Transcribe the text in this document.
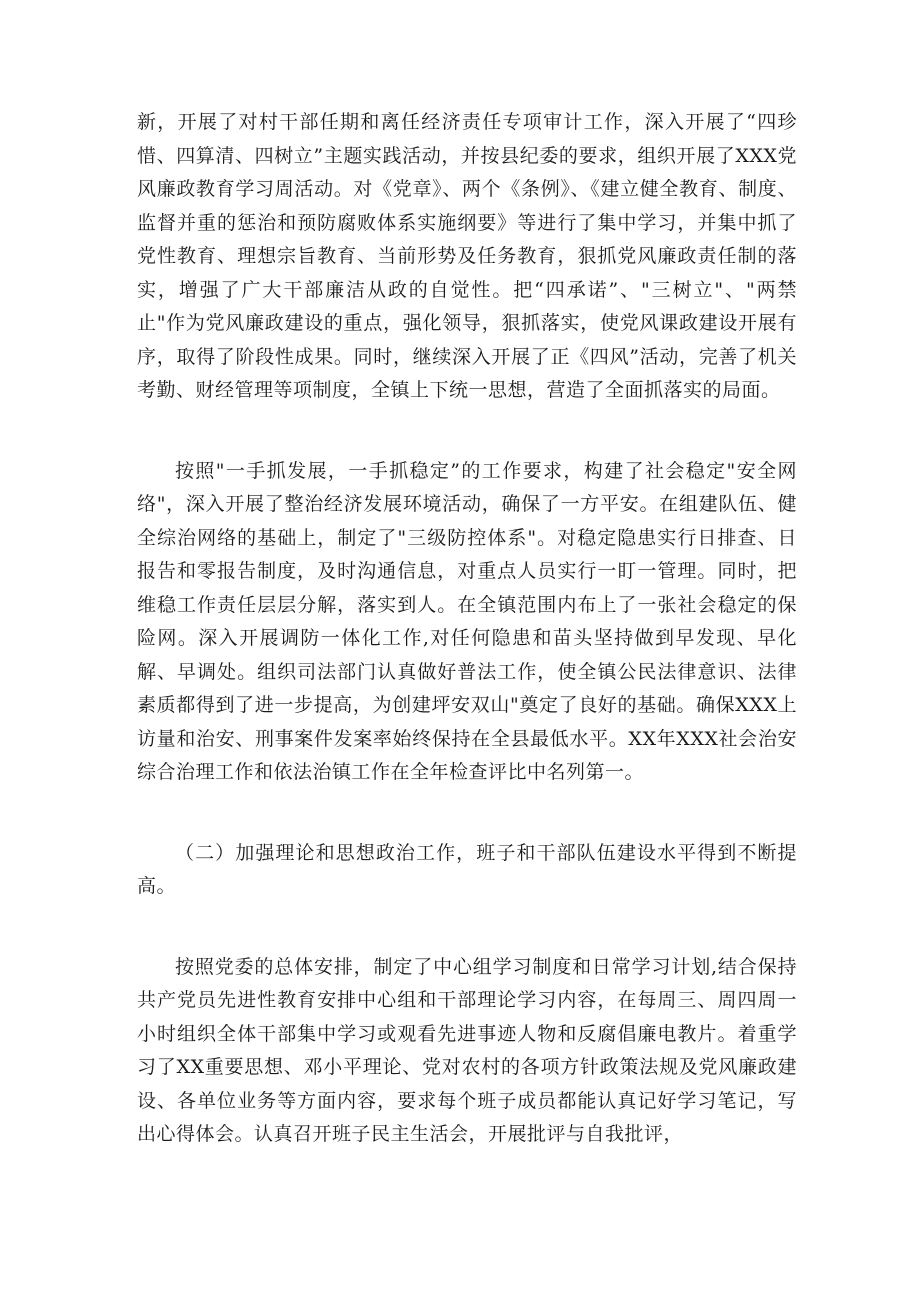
新，开展了对村干部任期和离任经济责任专项审计工作，深入开展了“四珍惜、四算清、四树立”主题实践活动，并按县纪委的要求，组织开展了XXX党风廉政教育学习周活动。对《党章》、两个《条例》、《建立健全教育、制度、监督并重的惩治和预防腐败体系实施纲要》等进行了集中学习，并集中抓了党性教育、理想宗旨教育、当前形势及任务教育，狠抓党风廉政责任制的落实，增强了广大干部廉洁从政的自觉性。把“四承诺”、"三树立"、"两禁止"作为党风廉政建设的重点，强化领导，狠抓落实，使党风课政建设开展有序，取得了阶段性成果。同时，继续深入开展了正《四风”活动，完善了机关考勤、财经管理等项制度，全镇上下统一思想，营造了全面抓落实的局面。

按照"一手抓发展，一手抓稳定”的工作要求，构建了社会稳定"安全网络"，深入开展了整治经济发展环境活动，确保了一方平安。在组建队伍、健全综治网络的基础上，制定了"三级防控体系"。对稳定隐患实行日排查、日报告和零报告制度，及时沟通信息，对重点人员实行一盯一管理。同时，把维稳工作责任层层分解，落实到人。在全镇范围内布上了一张社会稳定的保险网。深入开展调防一体化工作,对任何隐患和苗头坚持做到早发现、早化解、早调处。组织司法部门认真做好普法工作，使全镇公民法律意识、法律素质都得到了进一步提高，为创建坪安双山"奠定了良好的基础。确保XXX上访量和治安、刑事案件发案率始终保持在全县最低水平。XX年XXX社会治安综合治理工作和依法治镇工作在全年检查评比中名列第一。

（二）加强理论和思想政治工作，班子和干部队伍建设水平得到不断提高。

按照党委的总体安排，制定了中心组学习制度和日常学习计划,结合保持共产党员先进性教育安排中心组和干部理论学习内容，在每周三、周四周一小时组织全体干部集中学习或观看先进事迹人物和反腐倡廉电教片。着重学习了XX重要思想、邓小平理论、党对农村的各项方针政策法规及党风廉政建设、各单位业务等方面内容，要求每个班子成员都能认真记好学习笔记，写出心得体会。认真召开班子民主生活会，开展批评与自我批评，
